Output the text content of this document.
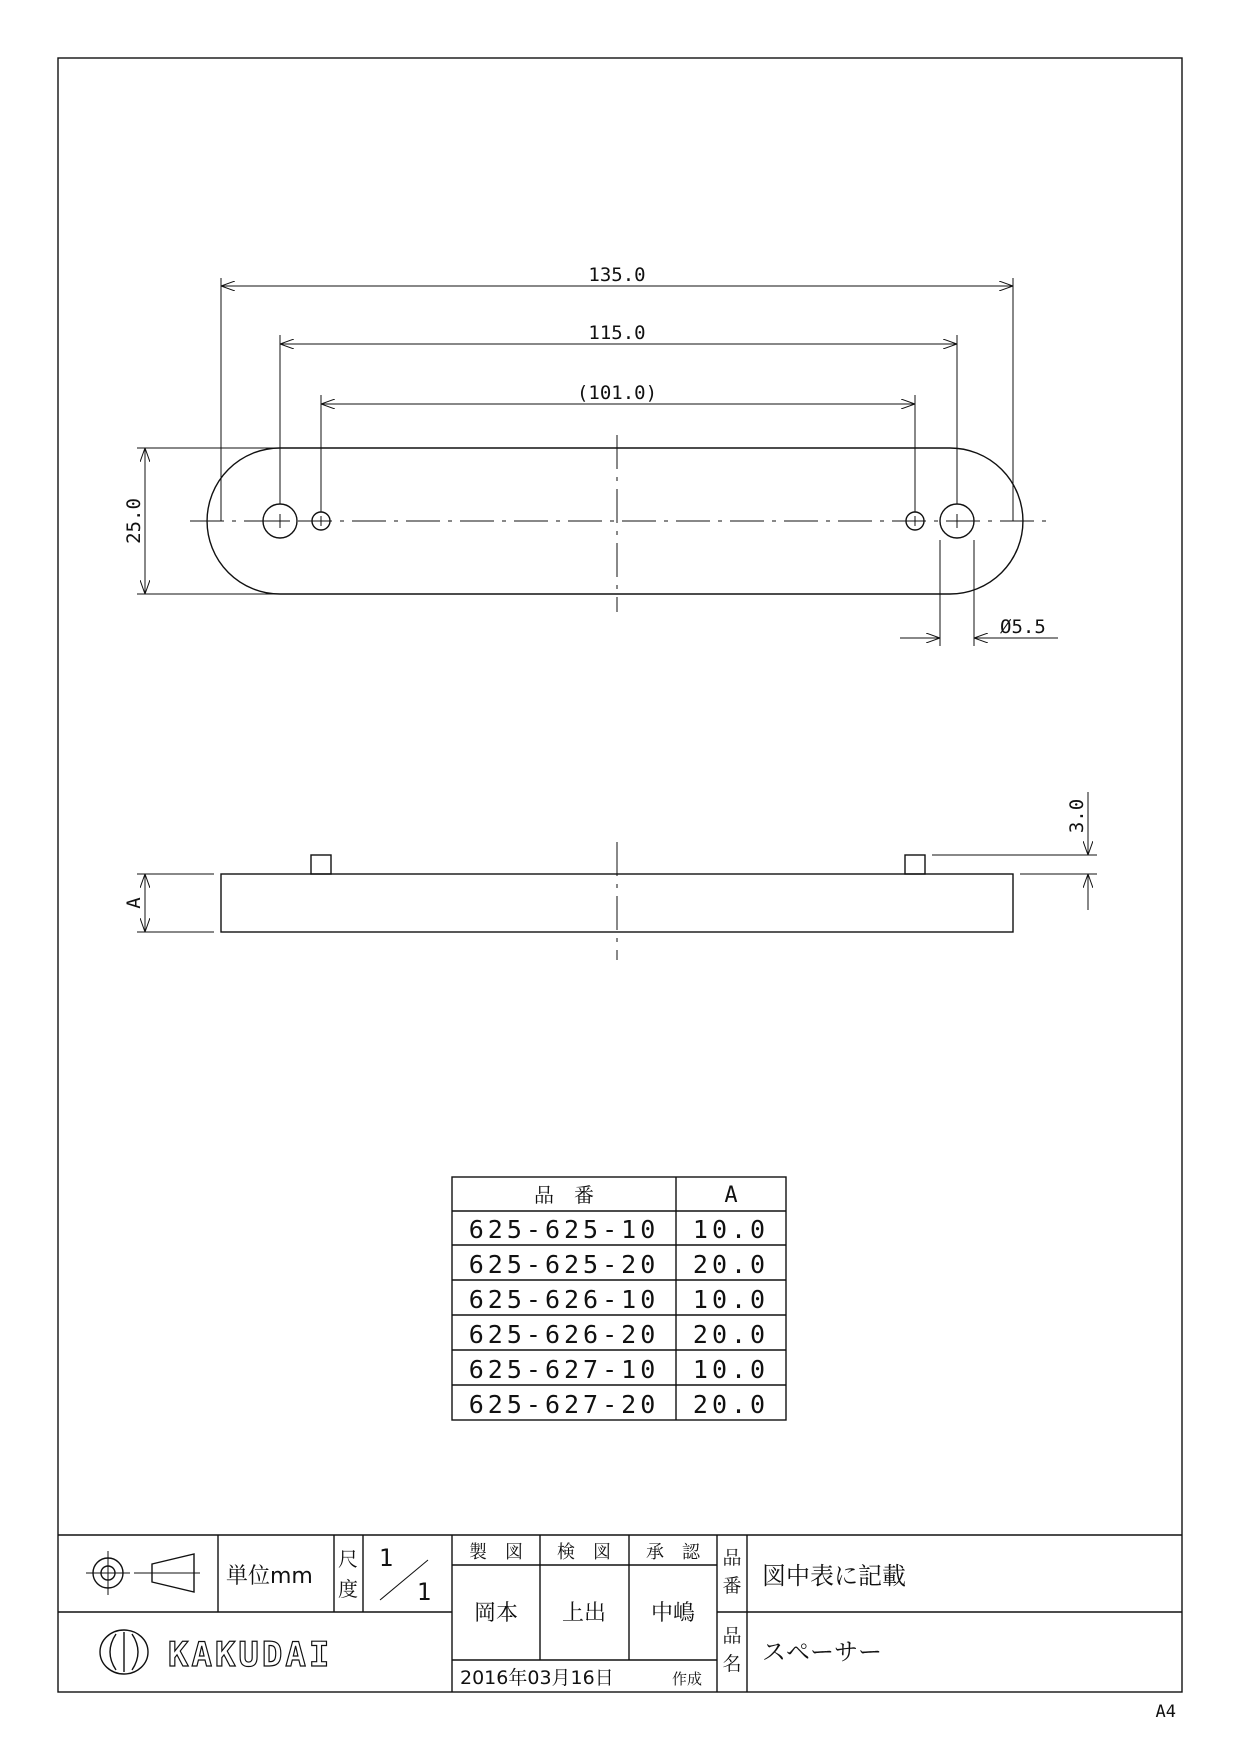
135.0
115.0
(101.0)
25.0
Ø5.5
A
3.0
品　番	A
625-625-10 10.0
625-625-20 20.0
625-626-10 10.0
625-626-20 20.0
625-627-10 10.0
625-627-20 20.0
単位mm
尺
度
1
1
製　図 検　図 承　認
岡本 上出 中嶋
2016年03月16日	作成
品
番 図中表に記載
品
名 スペーサー
KAKUDAI
A4
